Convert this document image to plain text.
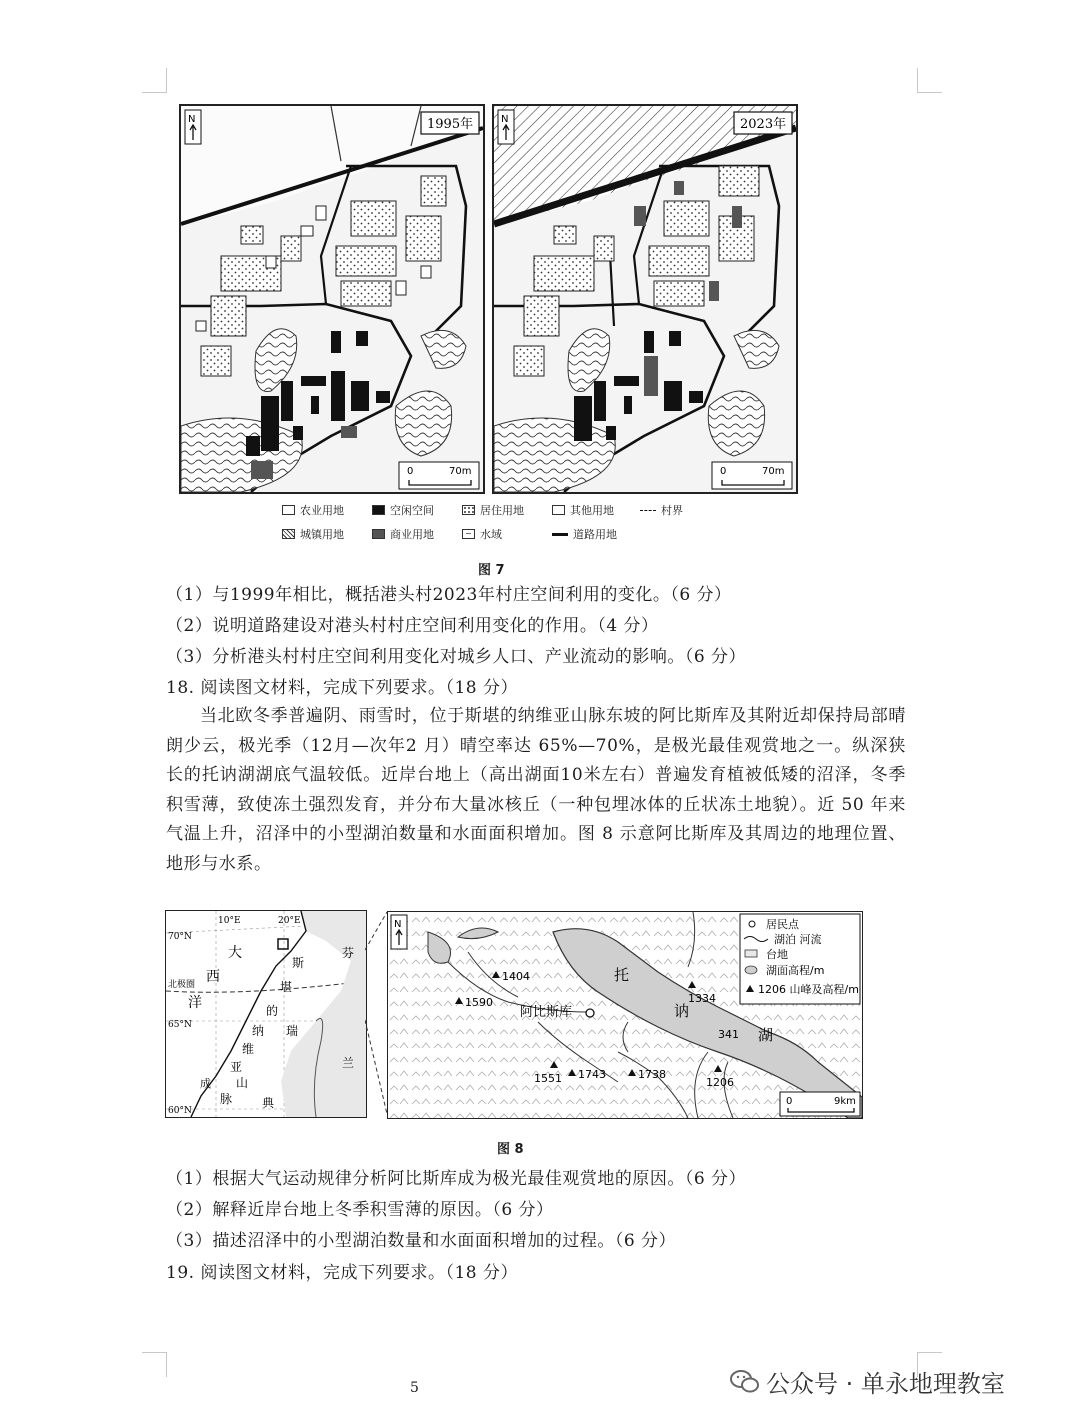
1995年
N
0	70m
2023年
N
0	70m
农业用地	空闲空间	居住用地	其他用地	村界
城镇用地	商业用地	~ 水域	道路用地
图 7
（1）与1999年相比，概括港头村2023年村庄空间利用的变化。（6 分）
（2）说明道路建设对港头村村庄空间利用变化的作用。（4 分）
（3）分析港头村村庄空间利用变化对城乡人口、产业流动的影响。（6 分）
18. 阅读图文材料，完成下列要求。（18 分）

当北欧冬季普遍阴、雨雪时，位于斯堪的纳维亚山脉东坡的阿比斯库及其附近却保持局部晴朗少云，极光季（12月—次年2 月）晴空率达 65%—70%，是极光最佳观赏地之一。纵深狭长的托讷湖湖底气温较低。近岸台地上（高出湖面10米左右）普遍发育植被低矮的沼泽，冬季积雪薄，致使冻土强烈发育，并分布大量冰核丘（一种包埋冰体的丘状冻土地貌）。近 50 年来气温上升，沼泽中的小型湖泊数量和水面面积增加。图 8 示意阿比斯库及其周边的地理位置、地形与水系。

10°E	20°E
70°N
北极圈
65°N
60°N
大
西
洋
斯
堪
的
纳
维
亚
山
脉
成
瑞
典
芬
兰
1404
1590	1334
1551 1743	1738
1206
341
阿比斯库
托
讷
湖
N	居民点
湖泊 河流
台地
湖面高程/m
1206 山峰及高程/m
0	9km
图 8
（1）根据大气运动规律分析阿比斯库成为极光最佳观赏地的原因。（6 分）
（2）解释近岸台地上冬季积雪薄的原因。（6 分）
（3）描述沼泽中的小型湖泊数量和水面面积增加的过程。（6 分）
19. 阅读图文材料，完成下列要求。（18 分）
5	公众号 · 单永地理教室
